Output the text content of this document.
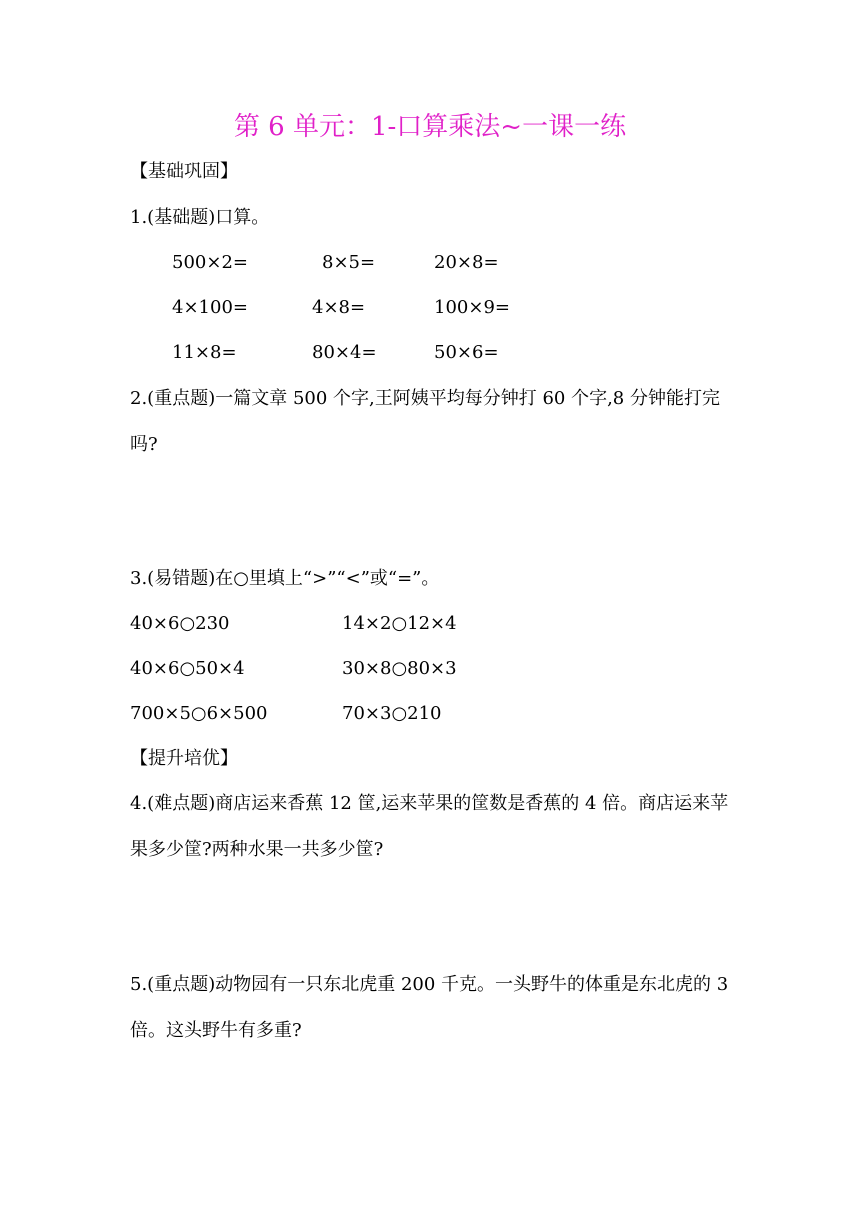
第 6 单元：1-口算乘法~一课一练
【基础巩固】
1.(基础题)口算。
500×2=	8×5=	20×8=
4×100=	4×8=	100×9=
11×8=	80×4=	50×6=
2.(重点题)一篇文章 500 个字,王阿姨平均每分钟打 60 个字,8 分钟能打完吗?
3.(易错题)在○里填上“>”“<”或“=”。
40×6○230	14×2○12×4
40×6○50×4	30×8○80×3
700×5○6×500	70×3○210
【提升培优】
4.(难点题)商店运来香蕉 12 筐,运来苹果的筐数是香蕉的 4 倍。商店运来苹果多少筐?两种水果一共多少筐?
5.(重点题)动物园有一只东北虎重 200 千克。一头野牛的体重是东北虎的 3 倍。这头野牛有多重?
